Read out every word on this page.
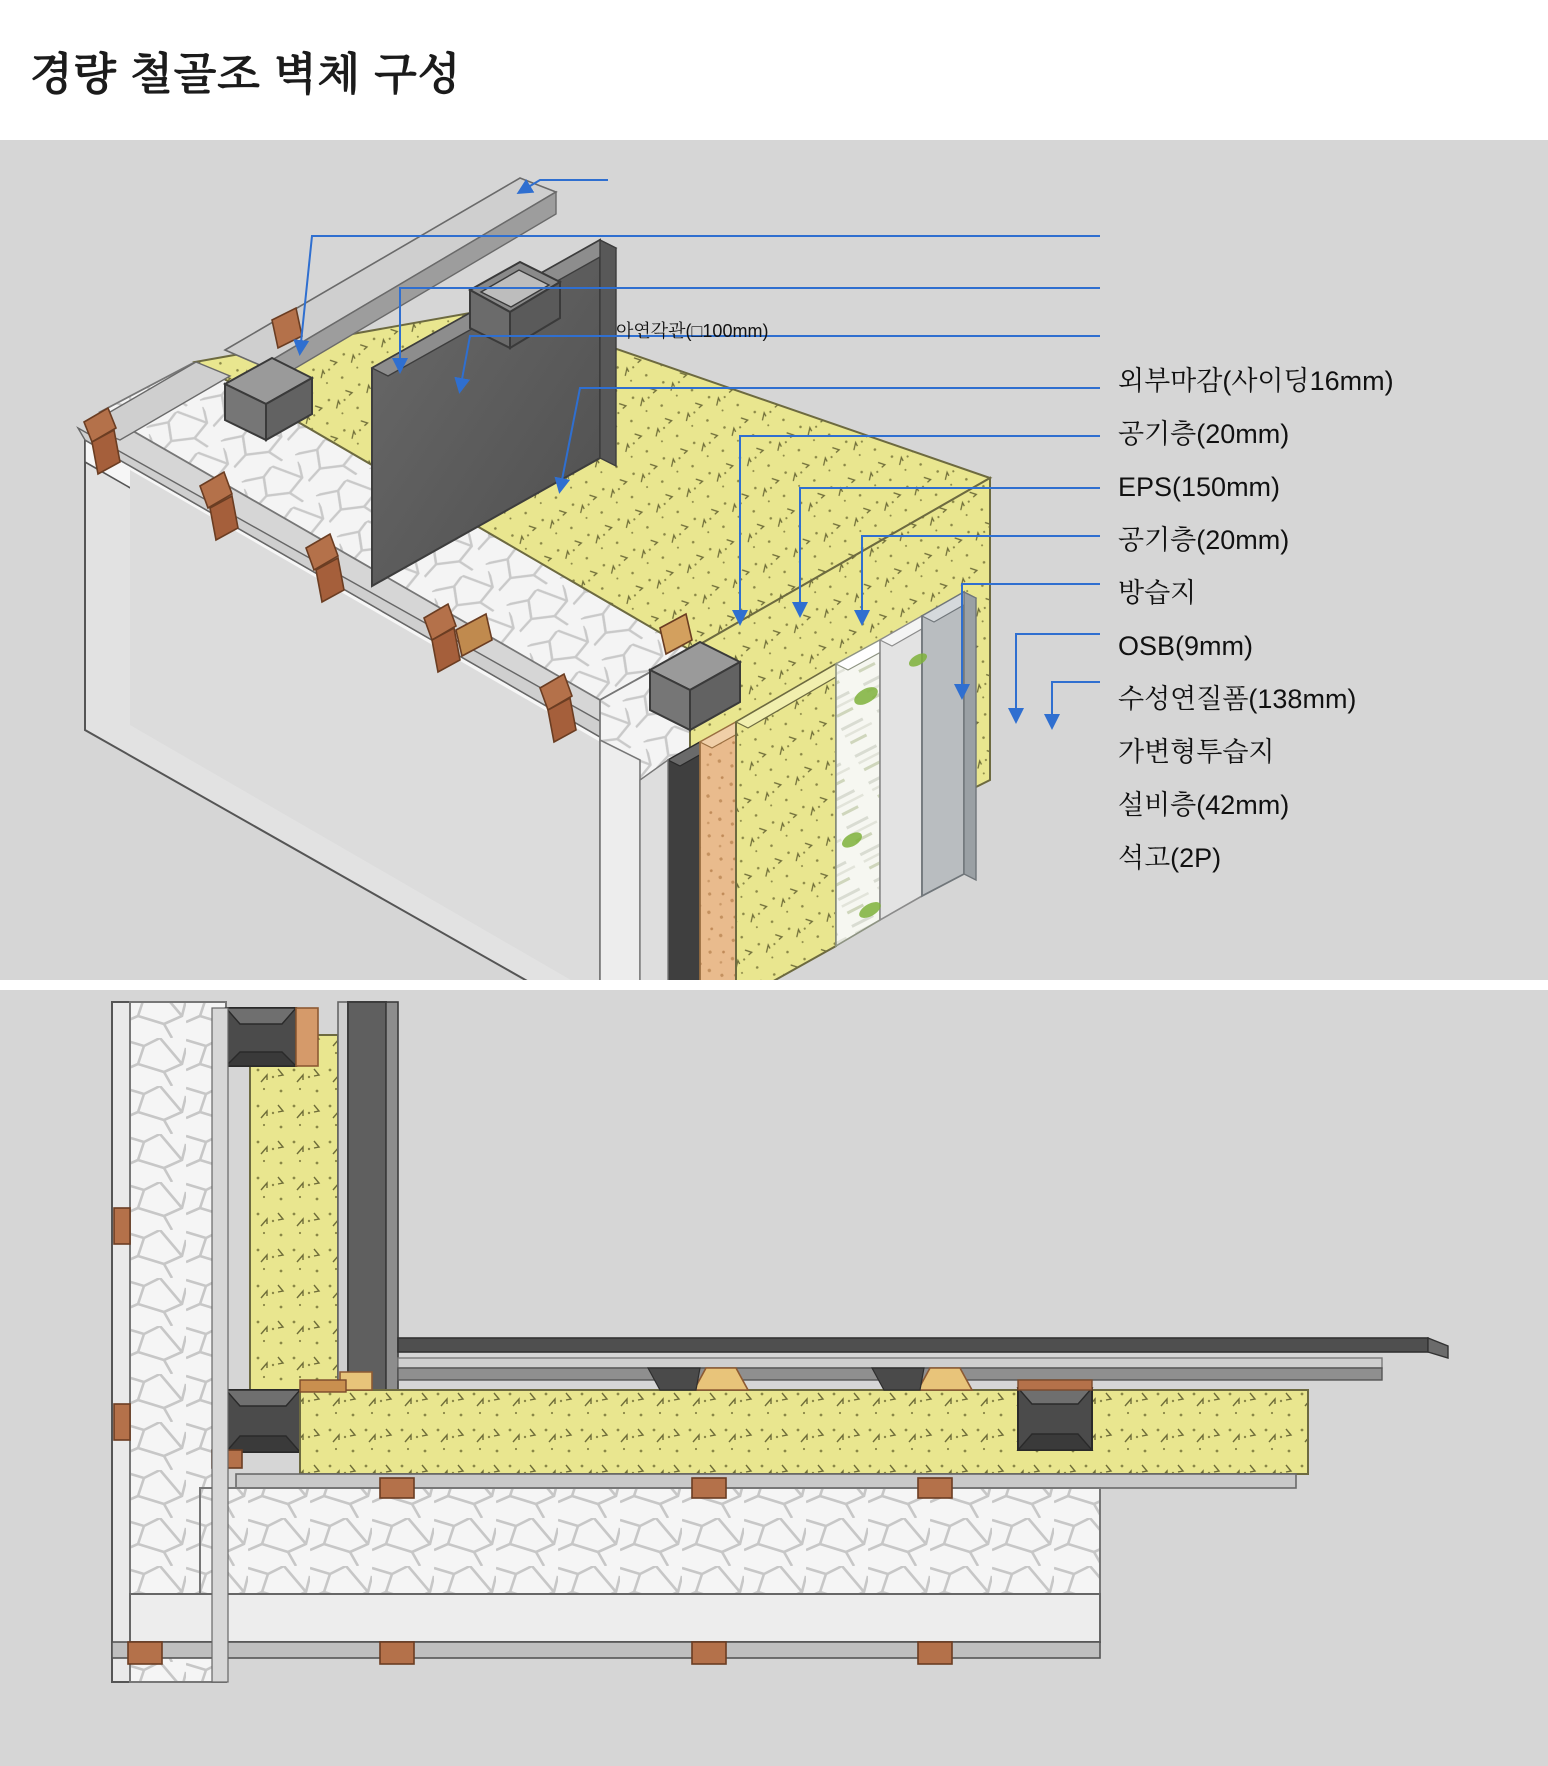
경량 철골조 벽체 구성
아연각관(□100mm)
외부마감(사이딩16mm)
공기층(20mm)
EPS(150mm)
공기층(20mm)
방습지
OSB(9mm)
수성연질폼(138mm)
가변형투습지
설비층(42mm)
석고(2P)
